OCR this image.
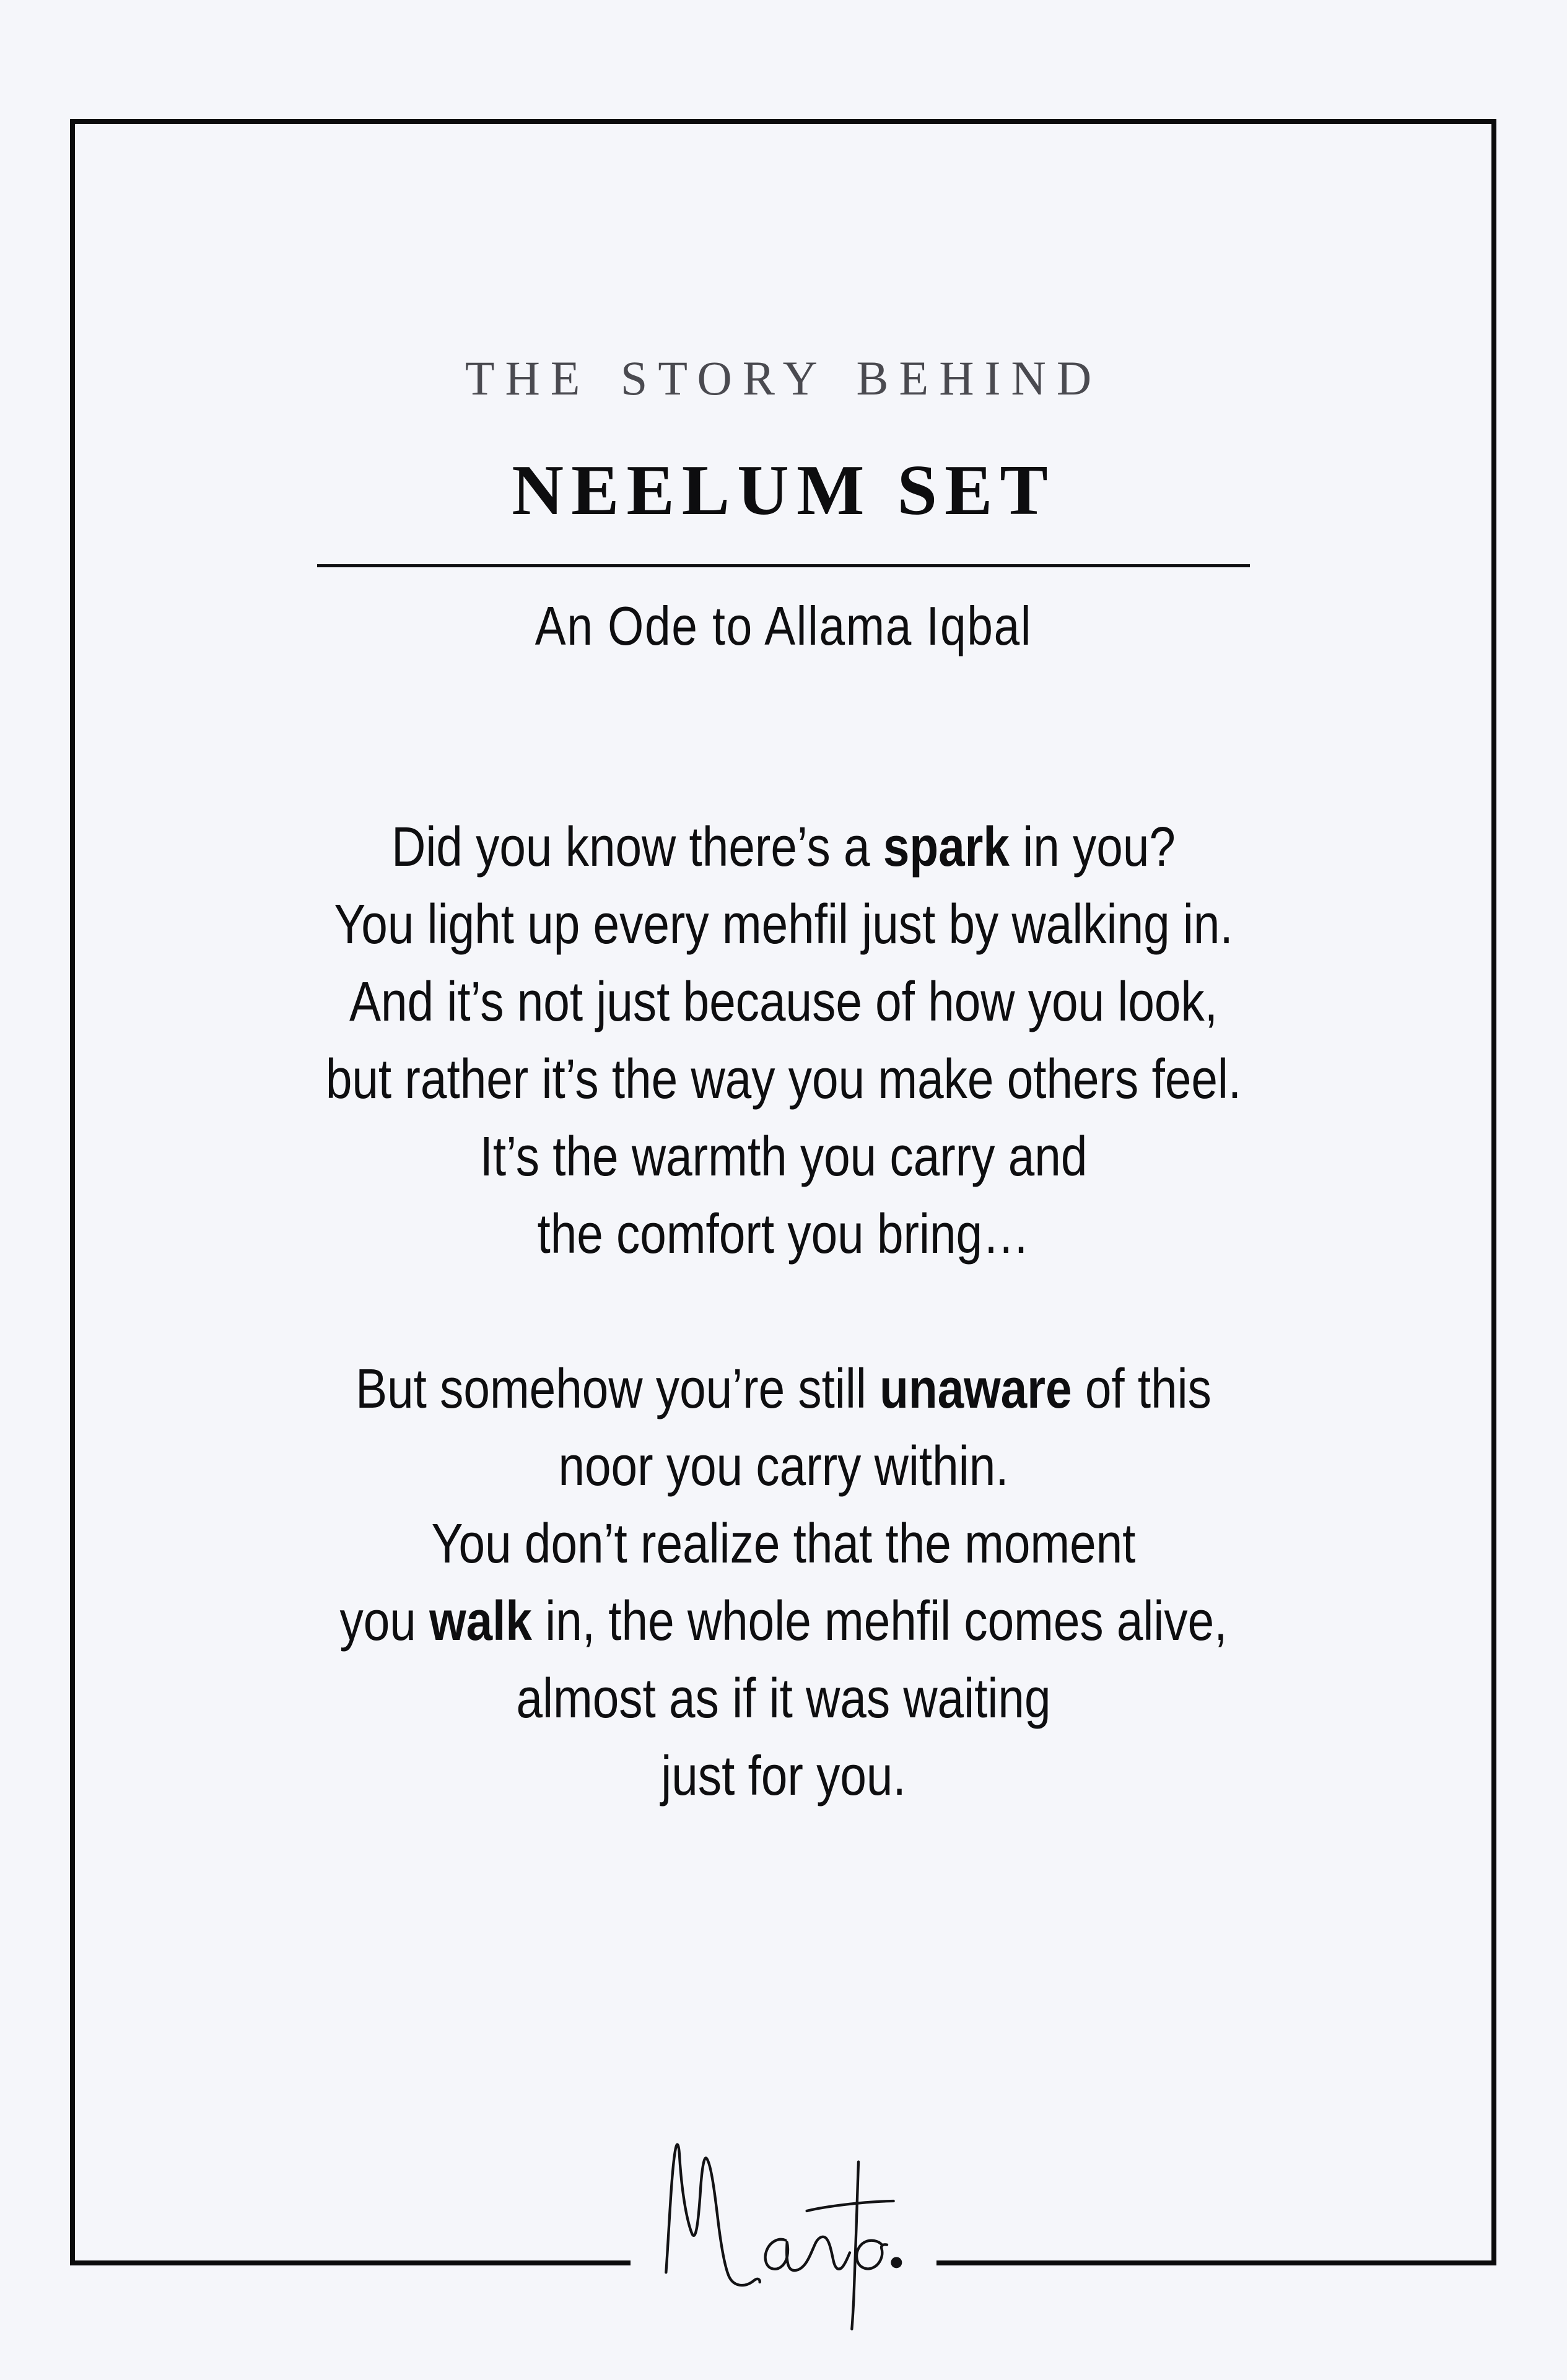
THE STORY BEHIND
NEELUM SET
An Ode to Allama Iqbal
Did you know there’s a spark in you?
You light up every mehfil just by walking in.
And it’s not just because of how you look,
but rather it’s the way you make others feel.
It’s the warmth you carry and
the comfort you bring…
But somehow you’re still unaware of this
noor you carry within.
You don’t realize that the moment
you walk in, the whole mehfil comes alive,
almost as if it was waiting
just for you.
